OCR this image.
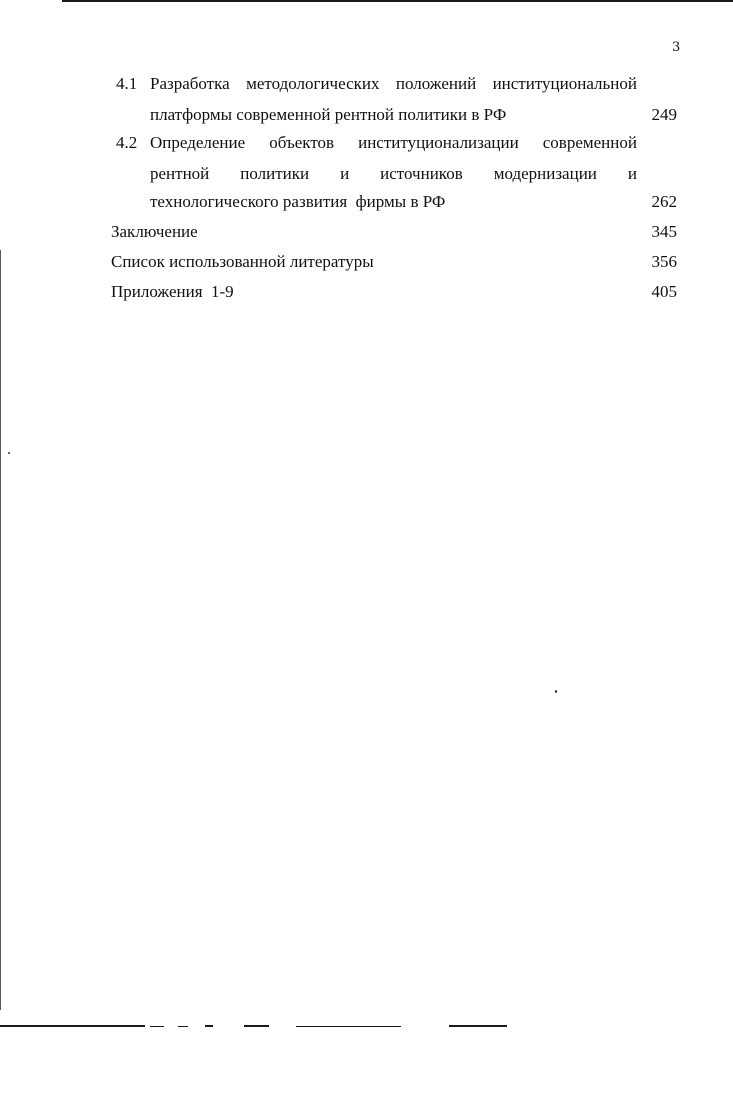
3
4.1 Разработка методологических положений институциональной
платформы современной рентной политики в РФ	249
4.2 Определение объектов институционализации современной
рентной политики и источников модернизации и
технологического развития  фирмы в РФ	262
Заключение	345
Список использованной литературы	356
Приложения  1-9	405
